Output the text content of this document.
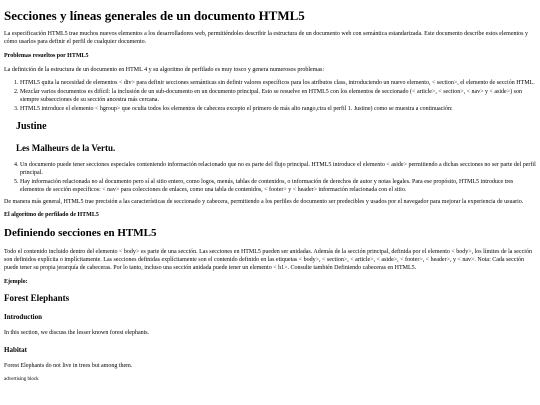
Secciones y líneas generales de un documento HTML5

La especificación HTML5 trae muchos nuevos elementos a los desarrolladores web, permitiéndoles describir la estructura de un documento web con semántica estandarizada. Este documento describe estos elementos y cómo usarlos para definir el perfil de cualquier documento.

Problemas resueltos por HTML5

La definición de la estructura de un documento en HTML 4 y su algoritmo de perfilado es muy tosco y genera numerosos problemas:

1. HTML5 quita la necesidad de elementos < div> para definir secciones semánticas sin definir valores específicos para los atributos class, introduciendo un nuevo elemento, < section>, el elemento de sección HTML.
2. Mezclar varios documentos es difícil: la inclusión de un sub-documento en un documento principal. Esto se resuelve en HTML5 con los elementos de seccionado (< article>, < section>, < nav> y < aside>) son siempre subsecciones de su sección ancestra más cercana.
3. HTML5 introduce el elemento < hgroup> que oculta todos los elementos de cabecera excepto el primero de más alto rango,ctra el perfil 1. Justine) como se muestra a continuación:
Justine
Les Malheurs de la Vertu.
4. Un documento puede tener secciones especiales conteniendo información relacionado que no es parte del flujo principal. HTML5 introduce el elemento < aside> permitiendo a dichas secciones no ser parte del perfil principal.
5. Hay información relacionada no al documento pero sí al sitio entero, como logos, menús, tablas de contenidos, o información de derechos de autor y notas legales. Para ese propósito, HTML5 introduce tres elementos de sección específicos: < nav> para colecciones de enlaces, como una tabla de contenidos, < footer> y < header> información relacionada con el sitio.

De manera más general, HTML5 trae precisión a las características de seccionado y cabecera, permitiendo a los perfiles de documento ser predecibles y usados por el navegador para mejorar la experiencia de usuario.

El algoritmo de perfilado de HTML5

Definiendo secciones en HTML5

Todo el contenido incluido dentro del elemento < body> es parte de una sección. Las secciones en HTML5 pueden ser anidadas. Además de la sección principal, definida por el elemento < body>, los límites de la sección son definidos explícita o implícitamente. Las secciones definidas explícitamente son el contenido definido en las etiquetas < body>, < section>, < article>, < aside>, < footer>, < header>, y < nav>. Nota: Cada sección puede tener su propia jerarquía de cabeceras. Por lo tanto, incluso una sección anidada puede tener un elemento < h1>. Consulte también Definiendo cabeceras en HTML5.

Ejemplo:

Forest Elephants
Introduction

In this section, we discuss the lesser known forest elephants.

Habitat

Forest Elephants do not live in trees but among them.

advertising block
